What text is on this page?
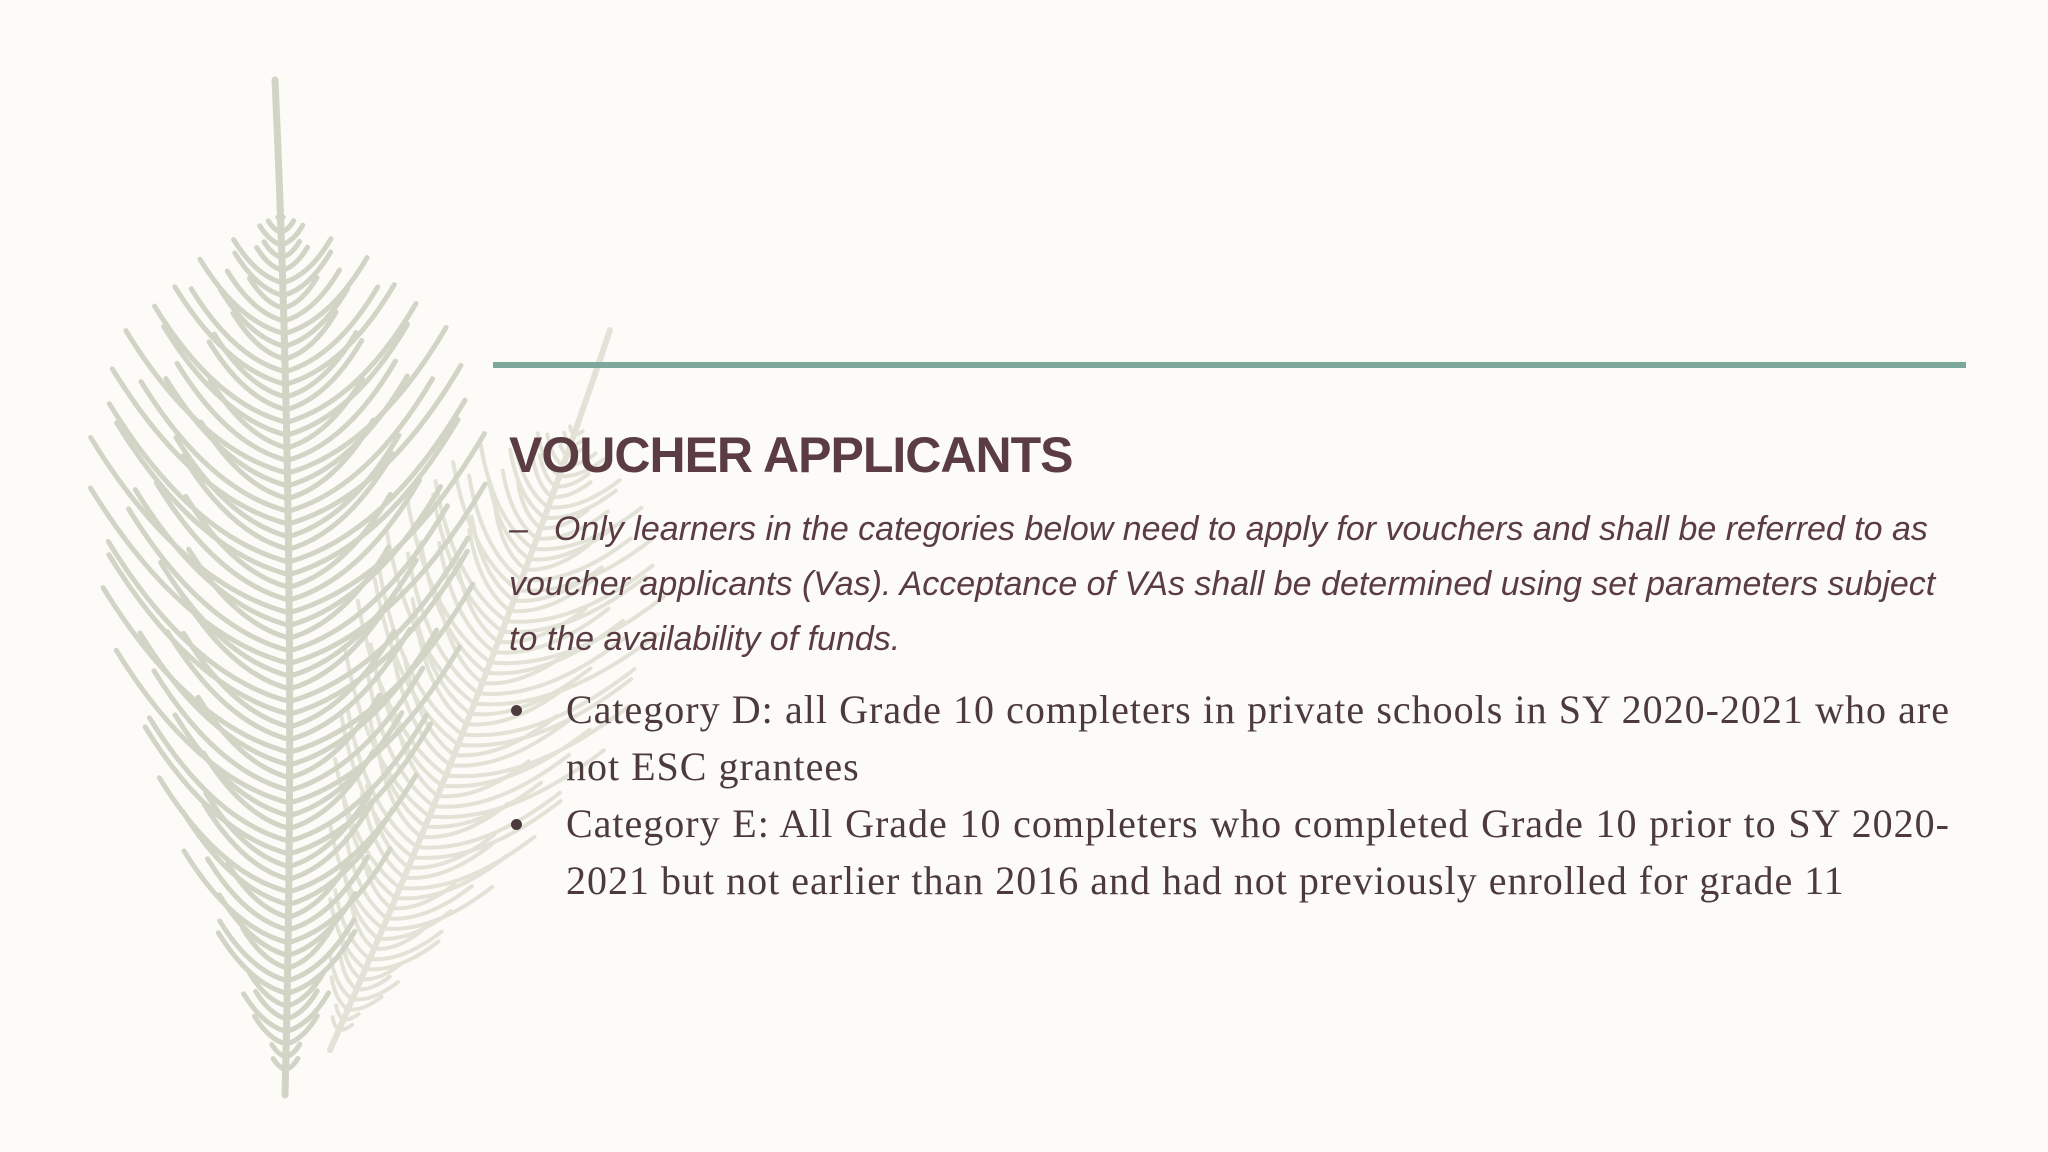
VOUCHER APPLICANTS

– Only learners in the categories below need to apply for vouchers and shall be referred to as voucher applicants (Vas). Acceptance of VAs shall be determined using set parameters subject to the availability of funds.

Category D: all Grade 10 completers in private schools in SY 2020-2021 who are not ESC grantees
Category E: All Grade 10 completers who completed Grade 10 prior to SY 2020-2021 but not earlier than 2016 and had not previously enrolled for grade 11
